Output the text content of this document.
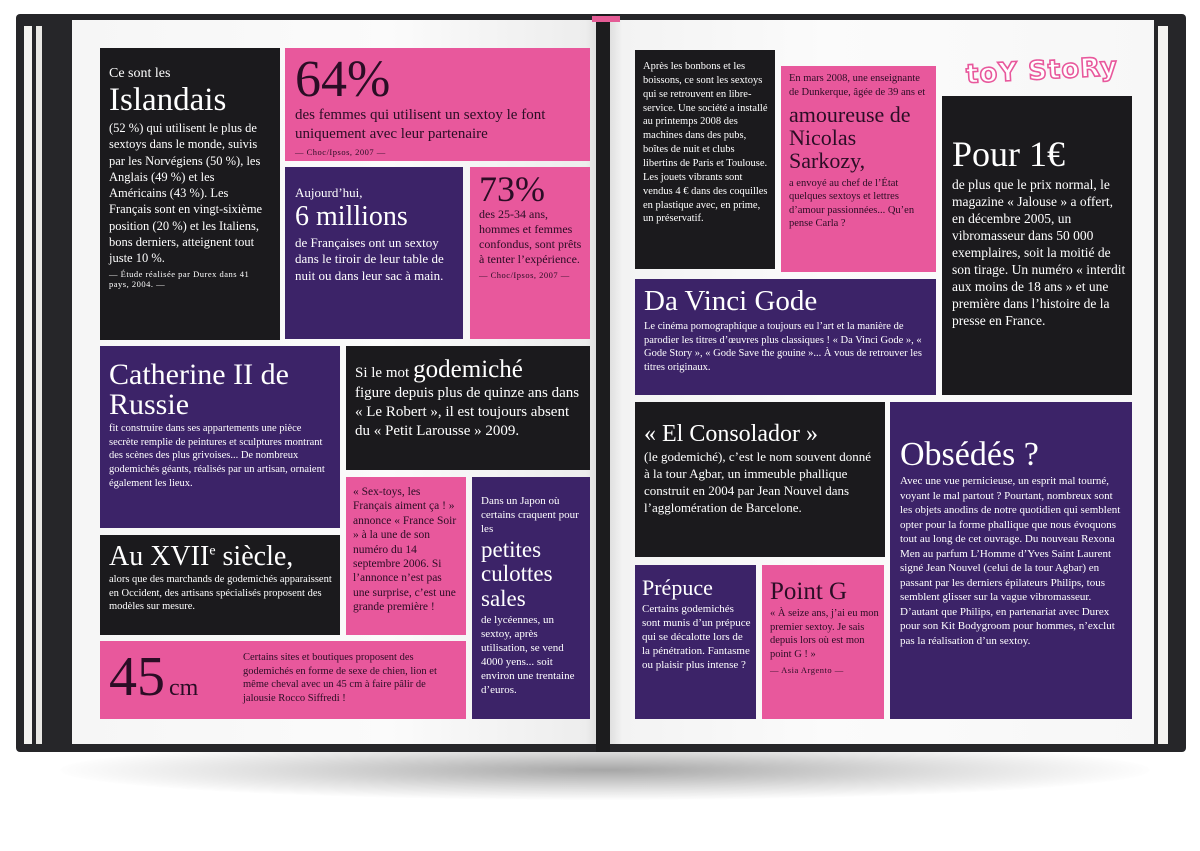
Ce sont les
Islandais
(52 %) qui utilisent le plus de sextoys dans le monde, suivis par les Norvégiens (50 %), les Anglais (49 %) et les Américains (43 %). Les Français sont en vingt-sixième position (20 %) et les Italiens, bons derniers, atteignent tout juste 10 %.
— Étude réalisée par Durex dans 41 pays, 2004. —
64%
des femmes qui utilisent un sextoy le font uniquement avec leur partenaire
— Choc/Ipsos, 2007 —
Aujourd’hui,
6 millions
de Françaises ont un sextoy dans le tiroir de leur table de nuit ou dans leur sac à main.
73%
des 25-34 ans, hommes et femmes confondus, sont prêts à tenter l’expérience.
— Choc/Ipsos, 2007 —
Catherine II de Russie
fit construire dans ses appartements une pièce secrète remplie de peintures et sculptures montrant des scènes des plus grivoises... De nombreux godemichés géants, réalisés par un artisan, ornaient également les lieux.
Si le mot godemiché
figure depuis plus de quinze ans dans « Le Robert », il est toujours absent du « Petit Larousse » 2009.
Au XVIIe siècle,
alors que des marchands de godemichés apparaissent en Occident, des artisans spécialisés proposent des modèles sur mesure.
« Sex-toys, les Français aiment ça ! » annonce « France Soir » à la une de son numéro du 14 septembre 2006. Si l’annonce n’est pas une surprise, c’est une grande première !
Dans un Japon où certains craquent pour les
petites culottes sales
de lycéennes, un sextoy, après utilisation, se vend 4000 yens... soit environ une trentaine d’euros.
45 cm
Certains sites et boutiques proposent des godemichés en forme de sexe de chien, lion et même cheval avec un 45 cm à faire pâlir de jalousie Rocco Siffredi !
toY StoRy
Après les bonbons et les boissons, ce sont les sextoys qui se retrouvent en libre-service. Une société a installé au printemps 2008 des machines dans des pubs, boîtes de nuit et clubs libertins de Paris et Toulouse. Les jouets vibrants sont vendus 4 € dans des coquilles en plastique avec, en prime, un préservatif.
En mars 2008, une enseignante de Dunkerque, âgée de 39 ans et
amoureuse de Nicolas Sarkozy,
a envoyé au chef de l’État quelques sextoys et lettres d’amour passionnées... Qu’en pense Carla ?
Pour 1€
de plus que le prix normal, le magazine « Jalouse » a offert, en décembre 2005, un vibromasseur dans 50 000 exemplaires, soit la moitié de son tirage. Un numéro « interdit aux moins de 18 ans » et une première dans l’histoire de la presse en France.
Da Vinci Gode
Le cinéma pornographique a toujours eu l’art et la manière de parodier les titres d’œuvres plus classiques ! « Da Vinci Gode », « Gode Story », « Gode Save the gouine »... À vous de retrouver les titres originaux.
« El Consolador »
(le godemiché), c’est le nom souvent donné à la tour Agbar, un immeuble phallique construit en 2004 par Jean Nouvel dans l’agglomération de Barcelone.
Obsédés ?
Avec une vue pernicieuse, un esprit mal tourné, voyant le mal partout ? Pourtant, nombreux sont les objets anodins de notre quotidien qui semblent opter pour la forme phallique que nous évoquons tout au long de cet ouvrage. Du nouveau Rexona Men au parfum L’Homme d’Yves Saint Laurent signé Jean Nouvel (celui de la tour Agbar) en passant par les derniers épilateurs Philips, tous semblent glisser sur la vague vibromasseur. D’autant que Philips, en partenariat avec Durex pour son Kit Bodygroom pour hommes, n’exclut pas la réalisation d’un sextoy.
Prépuce
Certains godemichés sont munis d’un prépuce qui se décalotte lors de la pénétration. Fantasme ou plaisir plus intense ?
Point G
« À seize ans, j’ai eu mon premier sextoy. Je sais depuis lors où est mon point G ! »
— Asia Argento —
